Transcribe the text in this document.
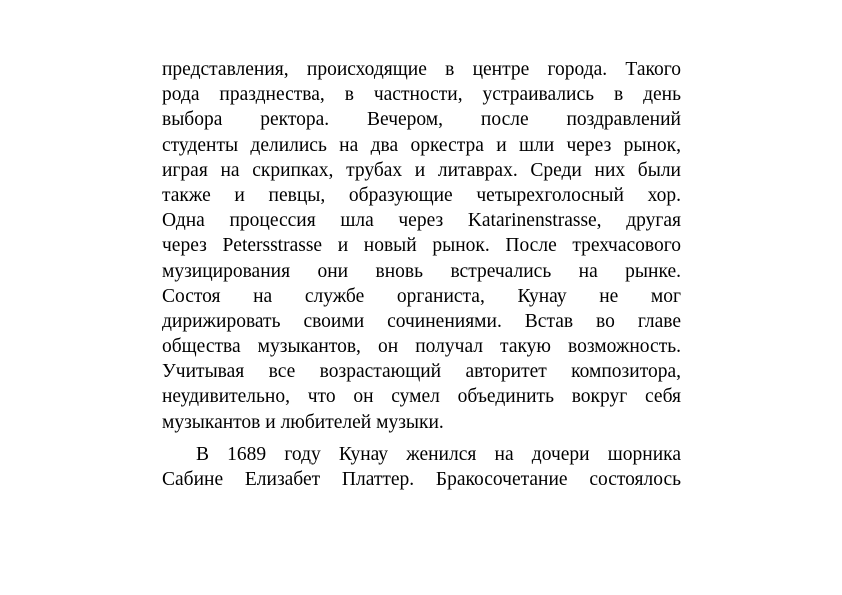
представления, происходящие в центре города. Такого
рода празднества, в частности, устраивались в день
выбора ректора. Вечером, после поздравлений
студенты делились на два оркестра и шли через рынок,
играя на скрипках, трубах и литаврах. Среди них были
также и певцы, образующие четырехголосный хор.
Одна процессия шла через Katarinenstrasse, другая
через Petersstrasse и новый рынок. После трехчасового
музицирования они вновь встречались на рынке.
Состоя на службе органиста, Кунау не мог
дирижировать своими сочинениями. Встав во главе
общества музыкантов, он получал такую возможность.
Учитывая все возрастающий авторитет композитора,
неудивительно, что он сумел объединить вокруг себя
музыкантов и любителей музыки.
В 1689 году Кунау женился на дочери шорника
Сабине Елизабет Платтер. Бракосочетание состоялось
